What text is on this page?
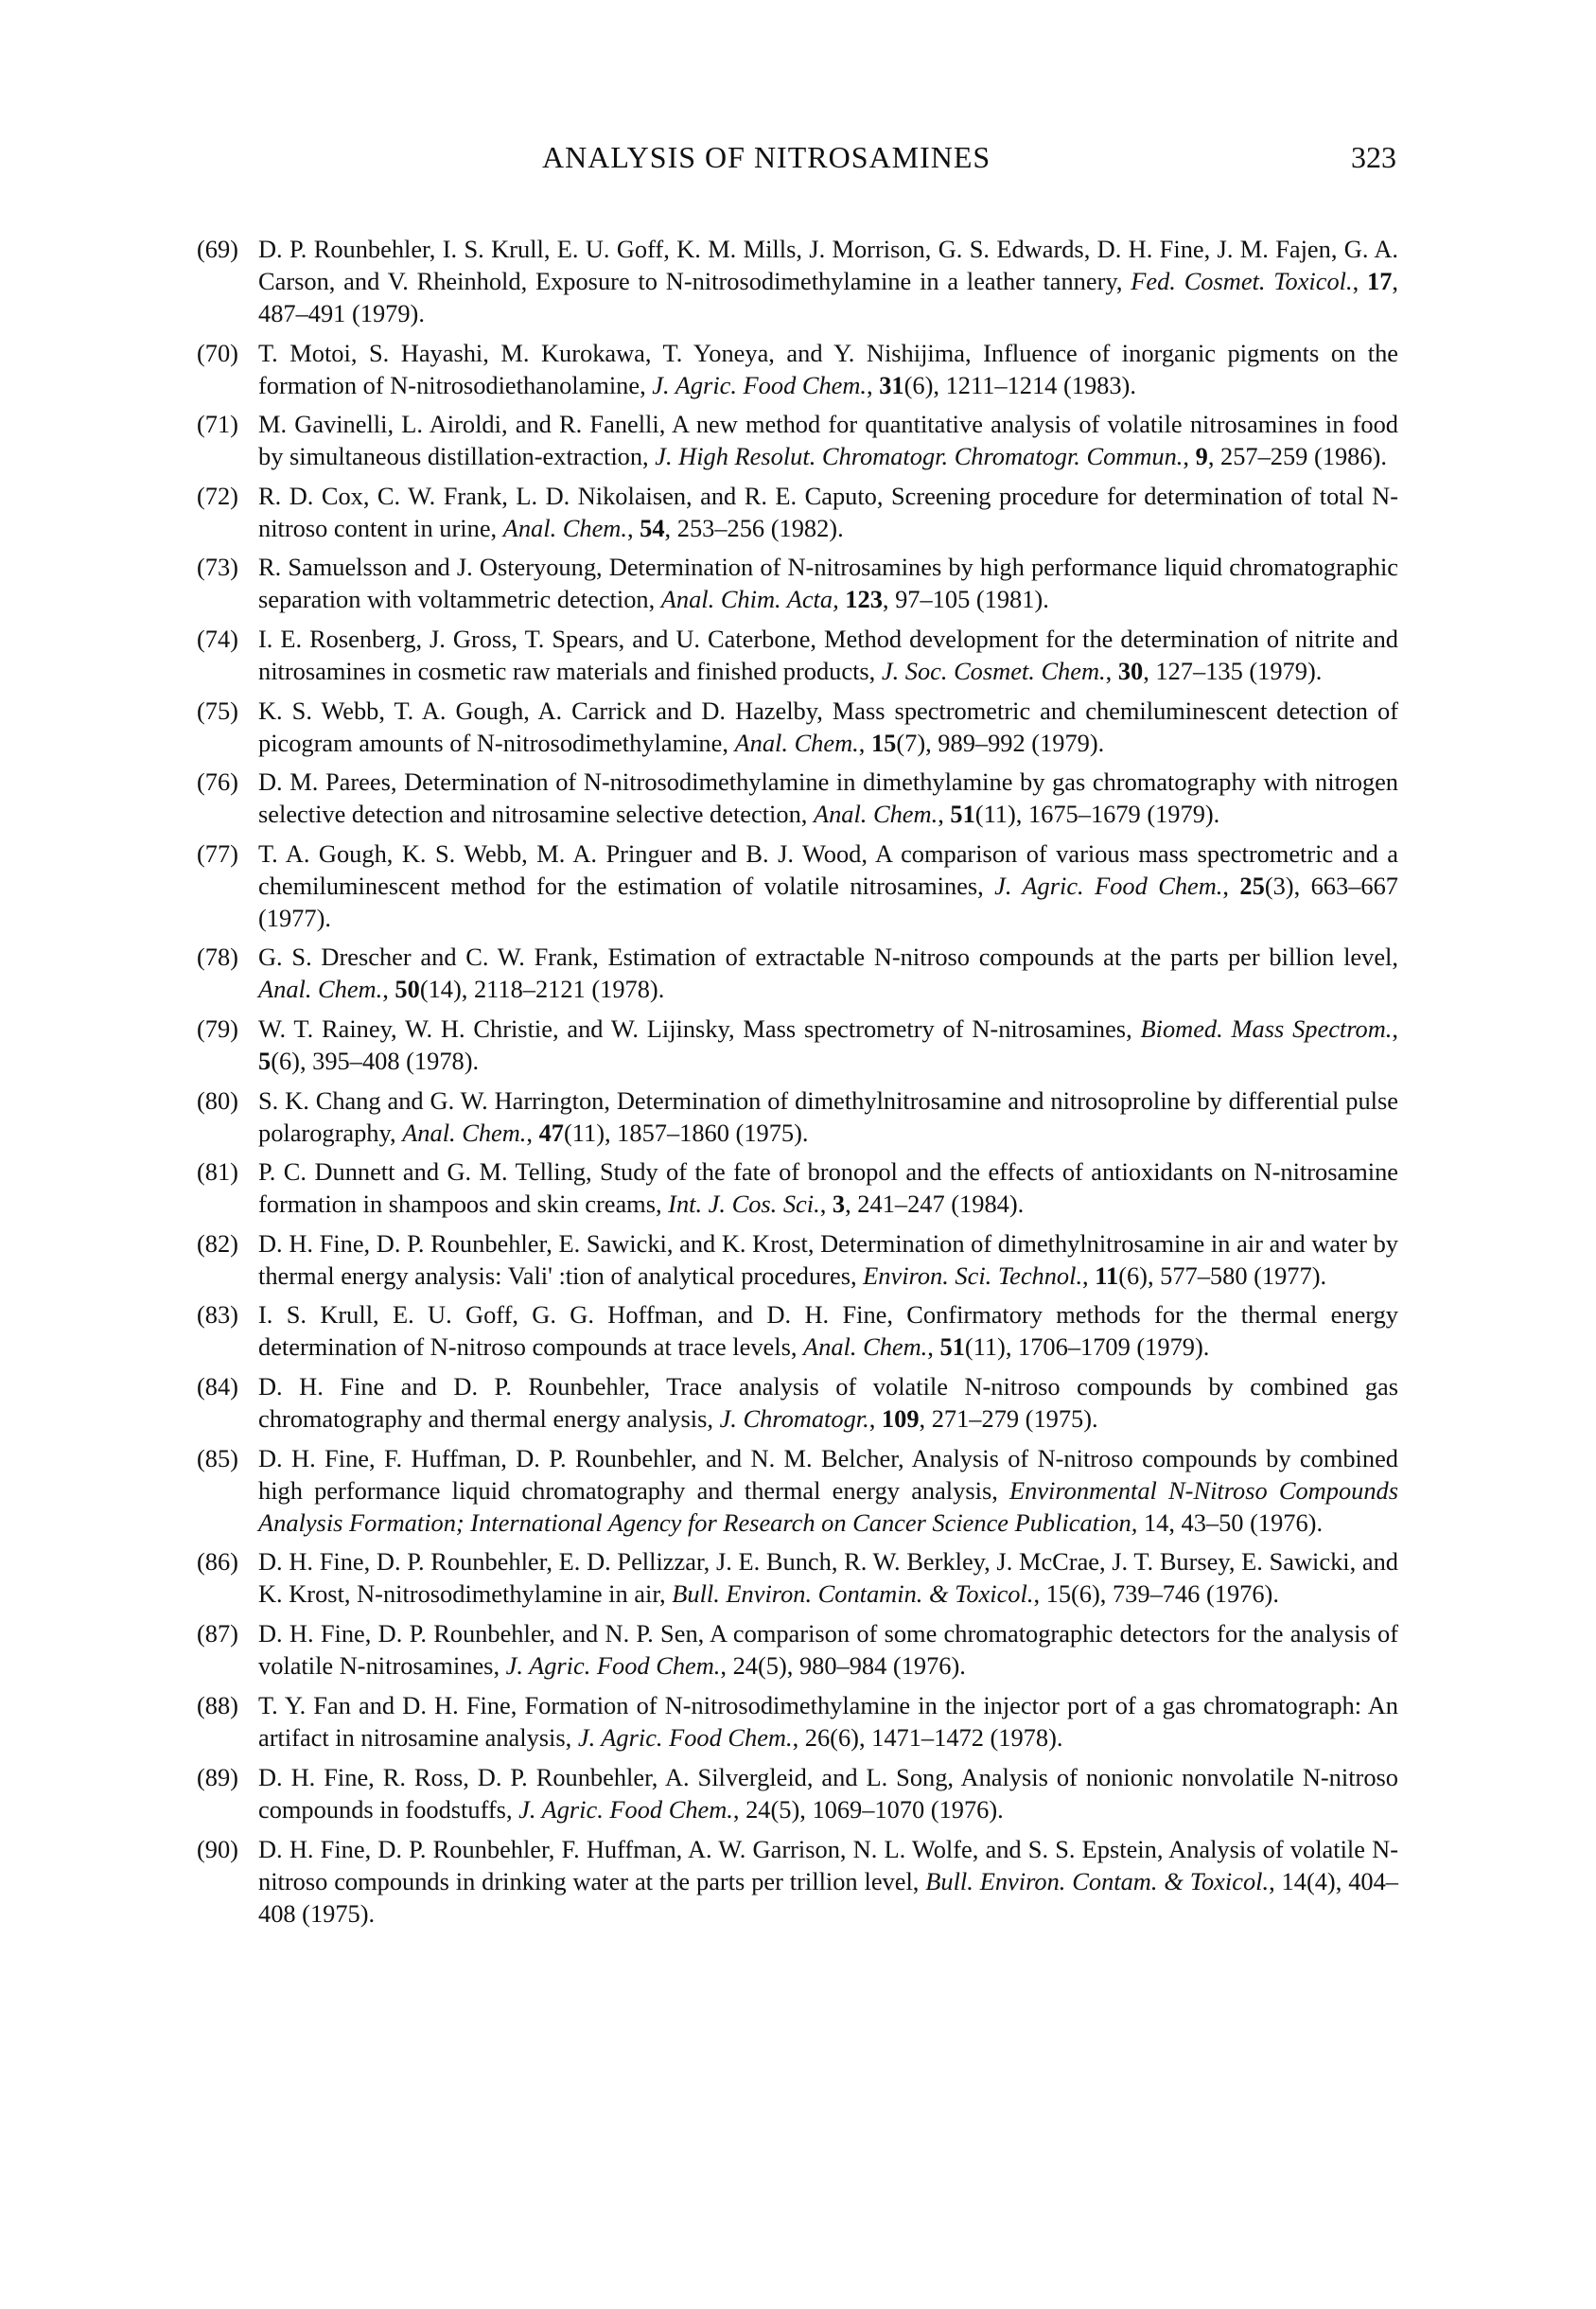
ANALYSIS OF NITROSAMINES	323
(69) D. P. Rounbehler, I. S. Krull, E. U. Goff, K. M. Mills, J. Morrison, G. S. Edwards, D. H. Fine, J. M. Fajen, G. A. Carson, and V. Rheinhold, Exposure to N-nitrosodimethylamine in a leather tannery, Fed. Cosmet. Toxicol., 17, 487–491 (1979).
(70) T. Motoi, S. Hayashi, M. Kurokawa, T. Yoneya, and Y. Nishijima, Influence of inorganic pigments on the formation of N-nitrosodiethanolamine, J. Agric. Food Chem., 31(6), 1211–1214 (1983).
(71) M. Gavinelli, L. Airoldi, and R. Fanelli, A new method for quantitative analysis of volatile nitrosamines in food by simultaneous distillation-extraction, J. High Resolut. Chromatogr. Chromatogr. Commun., 9, 257–259 (1986).
(72) R. D. Cox, C. W. Frank, L. D. Nikolaisen, and R. E. Caputo, Screening procedure for determination of total N-nitroso content in urine, Anal. Chem., 54, 253–256 (1982).
(73) R. Samuelsson and J. Osteryoung, Determination of N-nitrosamines by high performance liquid chromatographic separation with voltammetric detection, Anal. Chim. Acta, 123, 97–105 (1981).
(74) I. E. Rosenberg, J. Gross, T. Spears, and U. Caterbone, Method development for the determination of nitrite and nitrosamines in cosmetic raw materials and finished products, J. Soc. Cosmet. Chem., 30, 127–135 (1979).
(75) K. S. Webb, T. A. Gough, A. Carrick and D. Hazelby, Mass spectrometric and chemiluminescent detection of picogram amounts of N-nitrosodimethylamine, Anal. Chem., 15(7), 989–992 (1979).
(76) D. M. Parees, Determination of N-nitrosodimethylamine in dimethylamine by gas chromatography with nitrogen selective detection and nitrosamine selective detection, Anal. Chem., 51(11), 1675–1679 (1979).
(77) T. A. Gough, K. S. Webb, M. A. Pringuer and B. J. Wood, A comparison of various mass spectrometric and a chemiluminescent method for the estimation of volatile nitrosamines, J. Agric. Food Chem., 25(3), 663–667 (1977).
(78) G. S. Drescher and C. W. Frank, Estimation of extractable N-nitroso compounds at the parts per billion level, Anal. Chem., 50(14), 2118–2121 (1978).
(79) W. T. Rainey, W. H. Christie, and W. Lijinsky, Mass spectrometry of N-nitrosamines, Biomed. Mass Spectrom., 5(6), 395–408 (1978).
(80) S. K. Chang and G. W. Harrington, Determination of dimethylnitrosamine and nitrosoproline by differential pulse polarography, Anal. Chem., 47(11), 1857–1860 (1975).
(81) P. C. Dunnett and G. M. Telling, Study of the fate of bronopol and the effects of antioxidants on N-nitrosamine formation in shampoos and skin creams, Int. J. Cos. Sci., 3, 241–247 (1984).
(82) D. H. Fine, D. P. Rounbehler, E. Sawicki, and K. Krost, Determination of dimethylnitrosamine in air and water by thermal energy analysis: Vali' :tion of analytical procedures, Environ. Sci. Technol., 11(6), 577–580 (1977).
(83) I. S. Krull, E. U. Goff, G. G. Hoffman, and D. H. Fine, Confirmatory methods for the thermal energy determination of N-nitroso compounds at trace levels, Anal. Chem., 51(11), 1706–1709 (1979).
(84) D. H. Fine and D. P. Rounbehler, Trace analysis of volatile N-nitroso compounds by combined gas chromatography and thermal energy analysis, J. Chromatogr., 109, 271–279 (1975).
(85) D. H. Fine, F. Huffman, D. P. Rounbehler, and N. M. Belcher, Analysis of N-nitroso compounds by combined high performance liquid chromatography and thermal energy analysis, Environmental N-Nitroso Compounds Analysis Formation; International Agency for Research on Cancer Science Publication, 14, 43–50 (1976).
(86) D. H. Fine, D. P. Rounbehler, E. D. Pellizzar, J. E. Bunch, R. W. Berkley, J. McCrae, J. T. Bursey, E. Sawicki, and K. Krost, N-nitrosodimethylamine in air, Bull. Environ. Contamin. & Toxicol., 15(6), 739–746 (1976).
(87) D. H. Fine, D. P. Rounbehler, and N. P. Sen, A comparison of some chromatographic detectors for the analysis of volatile N-nitrosamines, J. Agric. Food Chem., 24(5), 980–984 (1976).
(88) T. Y. Fan and D. H. Fine, Formation of N-nitrosodimethylamine in the injector port of a gas chromatograph: An artifact in nitrosamine analysis, J. Agric. Food Chem., 26(6), 1471–1472 (1978).
(89) D. H. Fine, R. Ross, D. P. Rounbehler, A. Silvergleid, and L. Song, Analysis of nonionic nonvolatile N-nitroso compounds in foodstuffs, J. Agric. Food Chem., 24(5), 1069–1070 (1976).
(90) D. H. Fine, D. P. Rounbehler, F. Huffman, A. W. Garrison, N. L. Wolfe, and S. S. Epstein, Analysis of volatile N-nitroso compounds in drinking water at the parts per trillion level, Bull. Environ. Contam. & Toxicol., 14(4), 404–408 (1975).
